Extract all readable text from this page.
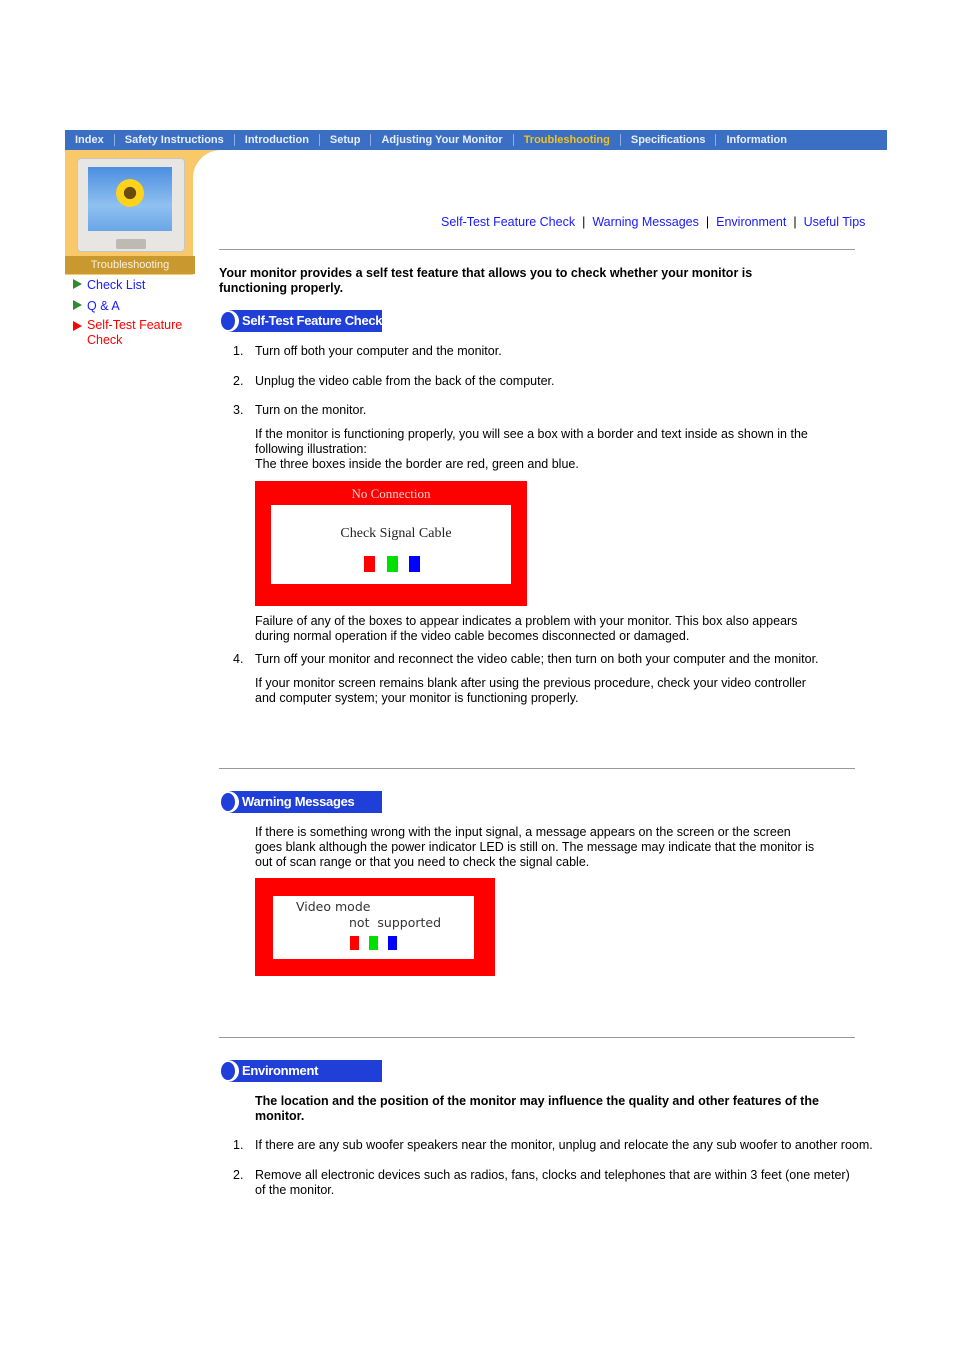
Index	Safety Instructions	Introduction	Setup	Adjusting Your Monitor	Troubleshooting	Specifications	Information
Troubleshooting
Check List
Q & A
Self-Test Feature Check
Self-Test Feature Check | Warning Messages | Environment | Useful Tips
Your monitor provides a self test feature that allows you to check whether your monitor is functioning properly.
Self-Test Feature Check
1. Turn off both your computer and the monitor.
2. Unplug the video cable from the back of the computer.
3. Turn on the monitor.
If the monitor is functioning properly, you will see a box with a border and text inside as shown in the following illustration:
The three boxes inside the border are red, green and blue.
No Connection
Check Signal Cable
Failure of any of the boxes to appear indicates a problem with your monitor. This box also appears during normal operation if the video cable becomes disconnected or damaged.
4. Turn off your monitor and reconnect the video cable; then turn on both your computer and the monitor.
If your monitor screen remains blank after using the previous procedure, check your video controller and computer system; your monitor is functioning properly.
Warning Messages
If there is something wrong with the input signal, a message appears on the screen or the screen goes blank although the power indicator LED is still on. The message may indicate that the monitor is out of scan range or that you need to check the signal cable.
Video mode
not  supported
Environment
The location and the position of the monitor may influence the quality and other features of the monitor.
1. If there are any sub woofer speakers near the monitor, unplug and relocate the any sub woofer to another room.
2. Remove all electronic devices such as radios, fans, clocks and telephones that are within 3 feet (one meter) of the monitor.
